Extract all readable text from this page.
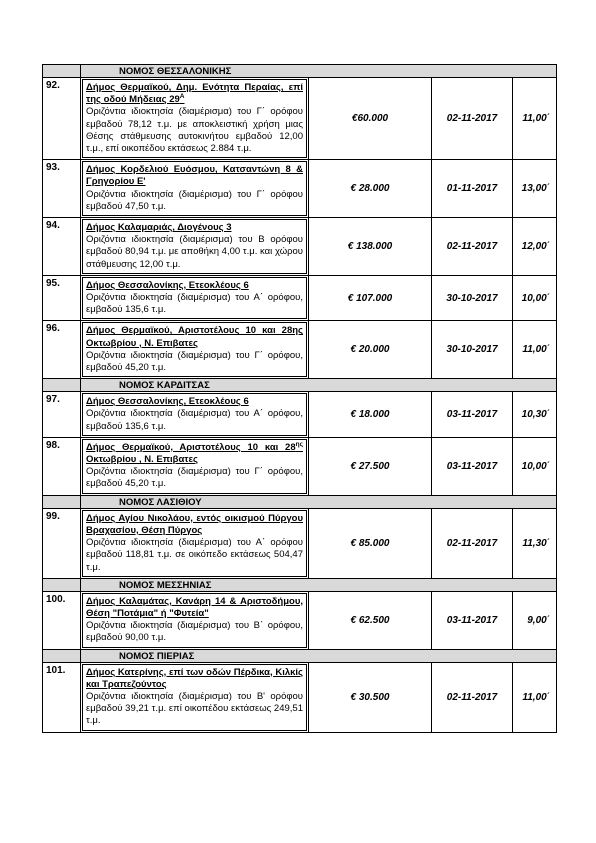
	ΝΟΜΟΣ ΘΕΣΣΑΛΟΝΙΚΗΣ			

92.	Δήμος Θερμαϊκού, Δημ. Ενότητα Περαίας, επί της οδού Μήδειας $29^A$
Οριζόντια ιδιοκτησία (διαμέρισμα) του Γ΄ ορόφου εμβαδού 78,12 τ.μ. με αποκλειστική χρήση μιας Θέσης στάθμευσης αυτοκινήτου εμβαδού 12,00 τ.μ., επί οικοπέδου εκτάσεως 2.884 τ.μ.	€60.000	02-11-2017	11,00΄

93.	Δήμος Κορδελιού Ευόσμου, Κατσαντώνη 8 & Γρηγορίου Ε'
Οριζόντια ιδιοκτησία (διαμέρισμα) του Γ΄ ορόφου εμβαδού 47,50 τ.μ.	€ 28.000	01-11-2017	13,00΄

94.	Δήμος Καλαμαριάς, Διογένους 3
Οριζόντια ιδιοκτησία (διαμέρισμα) του Β ορόφου εμβαδού 80,94 τ.μ. με αποθήκη 4,00 τ.μ. και χώρου στάθμευσης 12,00 τ.μ.	€ 138.000	02-11-2017	12,00΄

95.	Δήμος Θεσσαλονίκης, Ετεοκλέους 6
Οριζόντια ιδιοκτησία (διαμέρισμα) του Α΄ ορόφου, εμβαδού 135,6 τ.μ.	€ 107.000	30-10-2017	10,00΄

96.	Δήμος Θερμαϊκού, Αριστοτέλους 10 και 28ης Οκτωβρίου , Ν. Επιβατες
Οριζόντια ιδιοκτησία (διαμέρισμα) του Γ΄ ορόφου, εμβαδού 45,20 τ.μ.	€ 20.000	30-10-2017	11,00΄

	ΝΟΜΟΣ ΚΑΡΔΙΤΣΑΣ			

97.	Δήμος Θεσσαλονίκης, Ετεοκλέους 6
Οριζόντια ιδιοκτησία (διαμέρισμα) του Α΄ ορόφου, εμβαδού 135,6 τ.μ.	€ 18.000	03-11-2017	10,30΄

98.	Δήμος Θερμαϊκού, Αριστοτέλους 10 και $28^{\eta\varsigma}$ Οκτωβρίου , Ν. Επιβατες
Οριζόντια ιδιοκτησία (διαμέρισμα) του Γ΄ ορόφου, εμβαδού 45,20 τ.μ.	€ 27.500	03-11-2017	10,00΄

	ΝΟΜΟΣ ΛΑΣΙΘΙΟΥ			

99.	Δήμος Αγίου Νικολάου, εντός οικισμού Πύργου Βραχασίου, Θέση Πύργος
Οριζόντια ιδιοκτησία (διαμέρισμα) του Α΄ ορόφου εμβαδού 118,81 τ.μ. σε οικόπεδο εκτάσεως 504,47 τ.μ.	€ 85.000	02-11-2017	11,30΄

	ΝΟΜΟΣ ΜΕΣΣΗΝΙΑΣ			

100.	Δήμος Καλαμάτας, Κανάρη 14 & Αριστοδήμου, Θέση "Ποτάμια" ή "Φυτεία"
Οριζόντια ιδιοκτησία (διαμέρισμα) του Β΄ ορόφου, εμβαδού 90,00 τ.μ.	€ 62.500	03-11-2017	9,00΄

	ΝΟΜΟΣ ΠΙΕΡΙΑΣ			

101.	Δήμος Κατερίνης, επί των οδών Πέρδικα, Κιλκίς και Τραπεζούντος
Οριζόντια ιδιοκτησία (διαμέρισμα) του Β' ορόφου εμβαδού 39,21 τ.μ. επί οικοπέδου εκτάσεως 249,51 τ.μ.	€ 30.500	02-11-2017	11,00΄
